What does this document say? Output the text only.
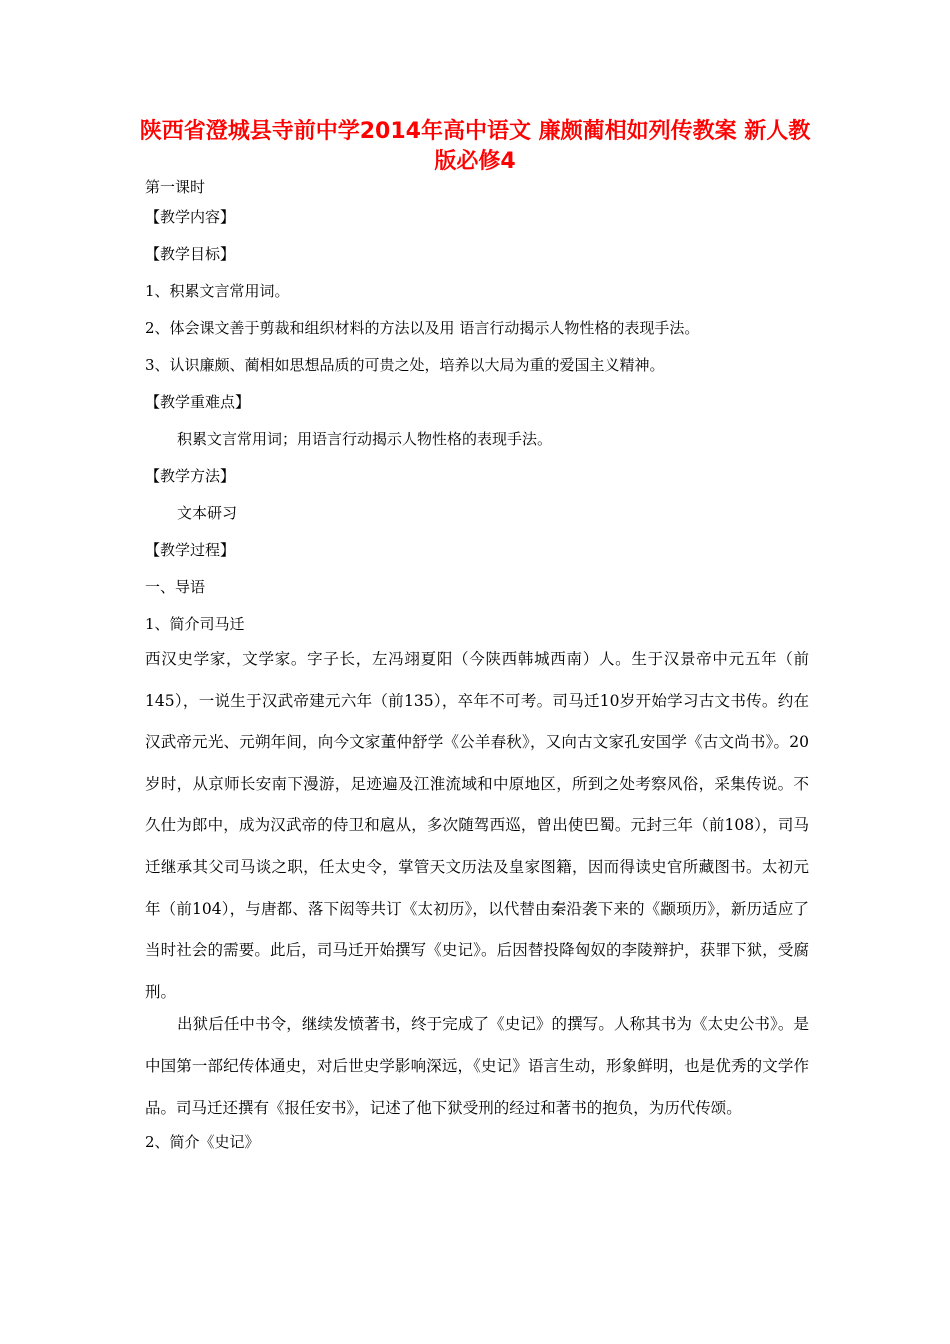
陕西省澄城县寺前中学2014年高中语文 廉颇蔺相如列传教案 新人教版必修4
第一课时
【教学内容】
【教学目标】
1、积累文言常用词。
2、体会课文善于剪裁和组织材料的方法以及用 语言行动揭示人物性格的表现手法。
3、认识廉颇、蔺相如思想品质的可贵之处，培养以大局为重的爱国主义精神。
【教学重难点】
积累文言常用词；用语言行动揭示人物性格的表现手法。
【教学方法】
文本研习
【教学过程】
一、导语
1、简介司马迁
西汉史学家，文学家。字子长，左冯翊夏阳（今陕西韩城西南）人。生于汉景帝中元五年（前145），一说生于汉武帝建元六年（前135），卒年不可考。司马迁10岁开始学习古文书传。约在汉武帝元光、元朔年间，向今文家董仲舒学《公羊春秋》，又向古文家孔安国学《古文尚书》。20岁时，从京师长安南下漫游，足迹遍及江淮流域和中原地区，所到之处考察风俗，采集传说。不久仕为郎中，成为汉武帝的侍卫和扈从，多次随驾西巡，曾出使巴蜀。元封三年（前108），司马迁继承其父司马谈之职，任太史令，掌管天文历法及皇家图籍，因而得读史官所藏图书。太初元年（前104），与唐都、落下闳等共订《太初历》，以代替由秦沿袭下来的《颛顼历》，新历适应了当时社会的需要。此后，司马迁开始撰写《史记》。后因替投降匈奴的李陵辩护，获罪下狱，受腐刑。
出狱后任中书令，继续发愤著书，终于完成了《史记》的撰写。人称其书为《太史公书》。是中国第一部纪传体通史，对后世史学影响深远，《史记》语言生动，形象鲜明，也是优秀的文学作品。司马迁还撰有《报任安书》，记述了他下狱受刑的经过和著书的抱负，为历代传颂。
2、简介《史记》
